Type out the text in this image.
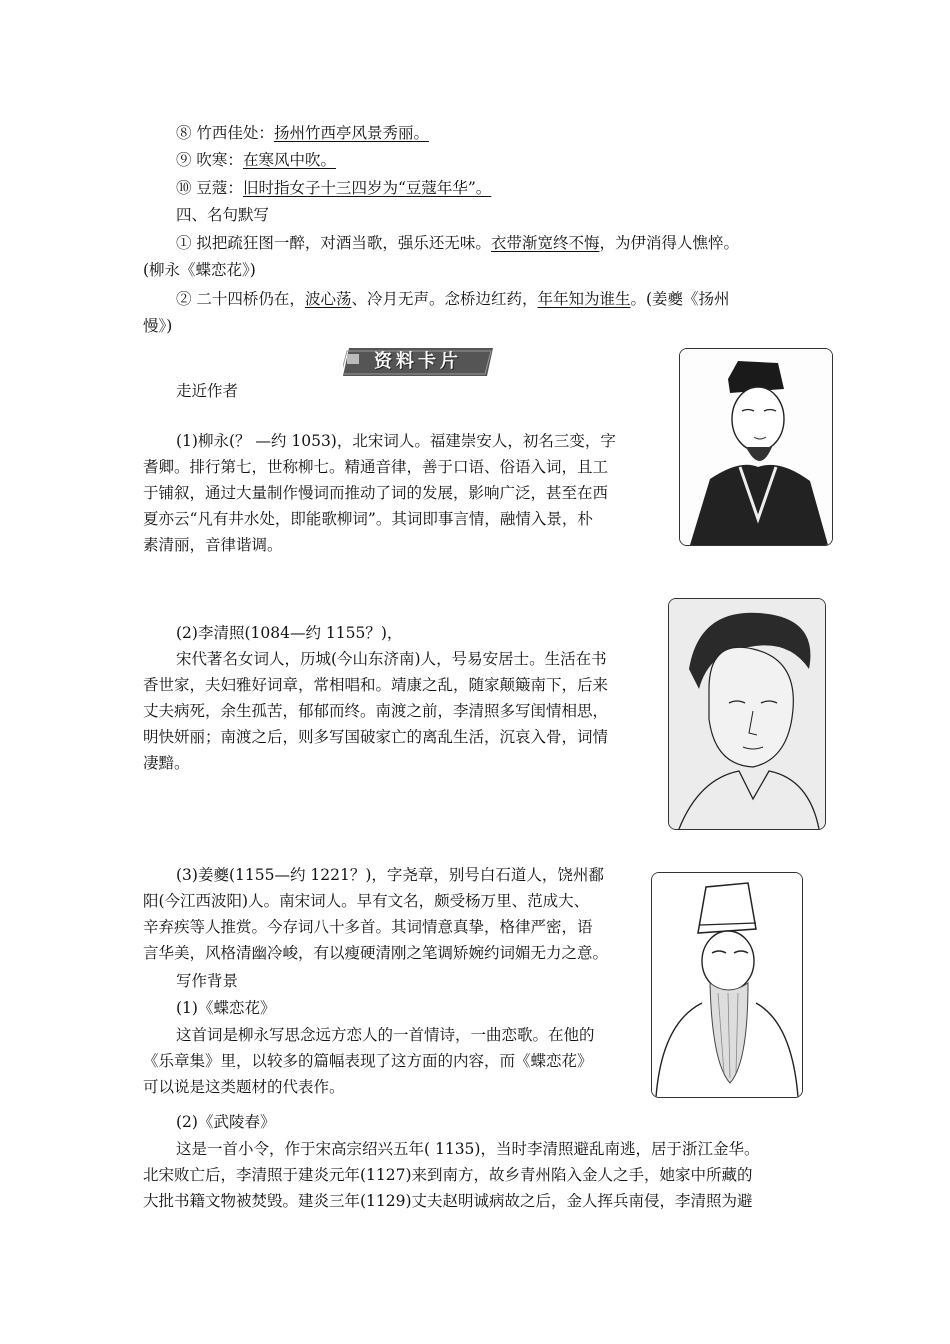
⑧ 竹西佳处：扬州竹西亭风景秀丽。
⑨ 吹寒：在寒风中吹。
⑩ 豆蔻：旧时指女子十三四岁为“豆蔻年华”。
四、名句默写
① 拟把疏狂图一醉，对酒当歌，强乐还无味。衣带渐宽终不悔，为伊消得人憔悴。
(柳永《蝶恋花》)
② 二十四桥仍在，波心荡、冷月无声。念桥边红药，年年知为谁生。(姜夔《扬州
慢》)
资料卡片
走近作者

(1)柳永(？ —约 1053)，北宋词人。福建崇安人，初名三变，字

耆卿。排行第七，世称柳七。精通音律，善于口语、俗语入词，且工

于铺叙，通过大量制作慢词而推动了词的发展，影响广泛，甚至在西

夏亦云“凡有井水处，即能歌柳词”。其词即事言情，融情入景，朴

素清丽，音律谐调。

(2)李清照(1084—约 1155？)，

宋代著名女词人，历城(今山东济南)人，号易安居士。生活在书

香世家，夫妇雅好词章，常相唱和。靖康之乱，随家颠簸南下，后来

丈夫病死，余生孤苦，郁郁而终。南渡之前，李清照多写闺情相思，

明快妍丽；南渡之后，则多写国破家亡的离乱生活，沉哀入骨，词情

凄黯。

(3)姜夔(1155—约 1221？)，字尧章，别号白石道人，饶州鄱

阳(今江西波阳)人。南宋词人。早有文名，颇受杨万里、范成大、

辛弃疾等人推赏。今存词八十多首。其词情意真挚，格律严密，语

言华美，风格清幽冷峻，有以瘦硬清刚之笔调矫婉约词媚无力之意。

写作背景
(1)《蝶恋花》

这首词是柳永写思念远方恋人的一首情诗，一曲恋歌。在他的

《乐章集》里，以较多的篇幅表现了这方面的内容，而《蝶恋花》

可以说是这类题材的代表作。

(2)《武陵春》

这是一首小令，作于宋高宗绍兴五年( 1135)，当时李清照避乱南逃，居于浙江金华。

北宋败亡后，李清照于建炎元年(1127)来到南方，故乡青州陷入金人之手，她家中所藏的

大批书籍文物被焚毁。建炎三年(1129)丈夫赵明诚病故之后，金人挥兵南侵，李清照为避
